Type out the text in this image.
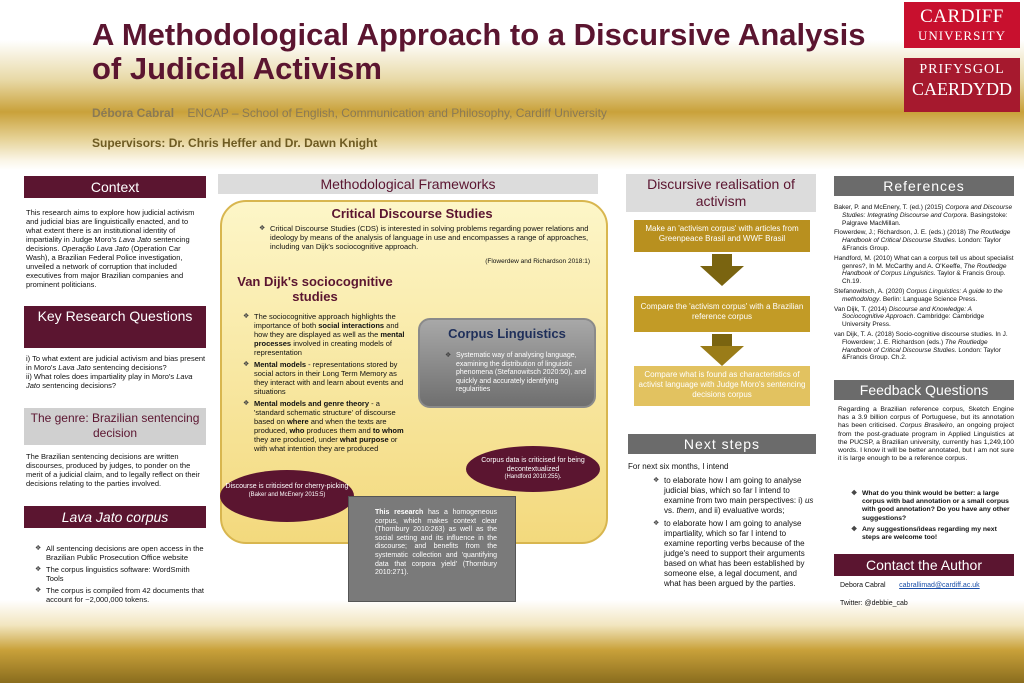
A Methodological Approach to a Discursive Analysis of Judicial Activism
Débora Cabral ENCAP – School of English, Communication and Philosophy, Cardiff University
Supervisors: Dr. Chris Heffer and Dr. Dawn Knight
CARDIFF
UNIVERSITY
PRIFYSGOL
CAERDYDD
Context
This research aims to explore how judicial activism and judicial bias are linguistically enacted, and to what extent there is an institutional identity of impartiality in Judge Moro's Lava Jato sentencing decisions. Operação Lava Jato (Operation Car Wash), a Brazilian Federal Police investigation, unveiled a network of corruption that included executives from major Brazilian companies and prominent politicians.
Key Research Questions
i) To what extent are judicial activism and bias present in Moro's Lava Jato sentencing decisions?
ii) What roles does impartiality play in Moro's Lava Jato sentencing decisions?
The genre: Brazilian sentencing decision
The Brazilian sentencing decisions are written discourses, produced by judges, to ponder on the merit of a judicial claim, and to legally reflect on their decisions relating to the parties involved.
Lava Jato corpus
❖ All sentencing decisions are open access in the Brazilian Public Prosecution Office website
❖ The corpus linguistics software: WordSmith Tools
❖ The corpus is compiled from 42 documents that account for ~2,000,000 tokens.
Methodological Frameworks
Critical Discourse Studies
❖ Critical Discourse Studies (CDS) is interested in solving problems regarding power relations and ideology by means of the analysis of language in use and encompasses a range of approaches, including van Dijk's sociocognitive approach.
(Flowerdew and Richardson 2018:1)
Van Dijk's sociocognitive studies
❖ The sociocognitive approach highlights the importance of both social interactions and how they are displayed as well as the mental processes involved in creating models of representation
❖ Mental models - representations stored by social actors in their Long Term Memory as they interact with and learn about events and situations
❖ Mental models and genre theory - a 'standard schematic structure' of discourse based on where and when the texts are produced, who produces them and to whom they are produced, under what purpose or with what intention they are produced
Corpus Linguistics
❖ Systematic way of analysing language, examining the distribution of linguistic phenomena (Stefanowitsch 2020:50), and quickly and accurately identifying regularities
Corpus data is criticised for being decontextualized
(Handford 2010:255).
Discourse is criticised for cherry-picking
(Baker and McEnery 2015:5)
This research has a homogeneous corpus, which makes context clear (Thornbury 2010:263) as well as the social setting and its influence in the discourse; and benefits from the systematic collection and 'quantifying data that corpora yield' (Thornbury 2010:271).
Discursive realisation of activism
Make an 'activism corpus' with articles from Greenpeace Brasil and WWF Brasil
Compare the 'activism corpus' with a Brazilian reference corpus
Compare what is found as characteristics of activist language with Judge Moro's sentencing decisions corpus
Next steps
For next six months, I intend
❖ to elaborate how I am going to analyse judicial bias, which so far I intend to examine from two main perspectives: i) us vs. them, and ii) evaluative words;
❖ to elaborate how I am going to analyse impartiality, which so far I intend to examine reporting verbs because of the judge's need to support their arguments based on what has been established by someone else, a legal document, and what has been argued by the parties.
References
Baker, P. and McEnery, T. (ed.) (2015) Corpora and Discourse Studies: Integrating Discourse and Corpora. Basingstoke: Palgrave MacMillan.
Flowerdew, J.; Richardson, J. E. (eds.) (2018) The Routledge Handbook of Critical Discourse Studies. London: Taylor &Francis Group.
Handford, M. (2010) What can a corpus tell us about specialist genres?, In M. McCarthy and A. O'Keeffe, The Routledge Handbook of Corpus Linguistics. Taylor & Francis Group. Ch.19.
Stefanowitsch, A. (2020) Corpus Linguistics: A guide to the methodology. Berlin: Language Science Press.
Van Dijk, T. (2014) Discourse and Knowledge: A Sociocognitive Approach. Cambridge: Cambridge University Press.
van Dijk, T. A. (2018) Socio-cognitive discourse studies. In J. Flowerdew; J. E. Richardson (eds.) The Routledge Handbook of Critical Discourse Studies. London: Taylor &Francis Group. Ch.2.
Feedback Questions
Regarding a Brazilian reference corpus, Sketch Engine has a 3.9 billion corpus of Portuguese, but its annotation has been criticised. Corpus Brasileiro, an ongoing project from the post-graduate program in Applied Linguistics at the PUCSP, a Brazilian university, currently has 1,249,100 words. I know it will be better annotated, but I am not sure it is large enough to be a reference corpus.
❖ What do you think would be better: a large corpus with bad annotation or a small corpus with good annotation? Do you have any other suggestions?
❖ Any suggestions/ideas regarding my next steps are welcome too!
Contact the Author
Debora Cabral cabrallimad@cardiff.ac.uk
Twitter: @debbie_cab
